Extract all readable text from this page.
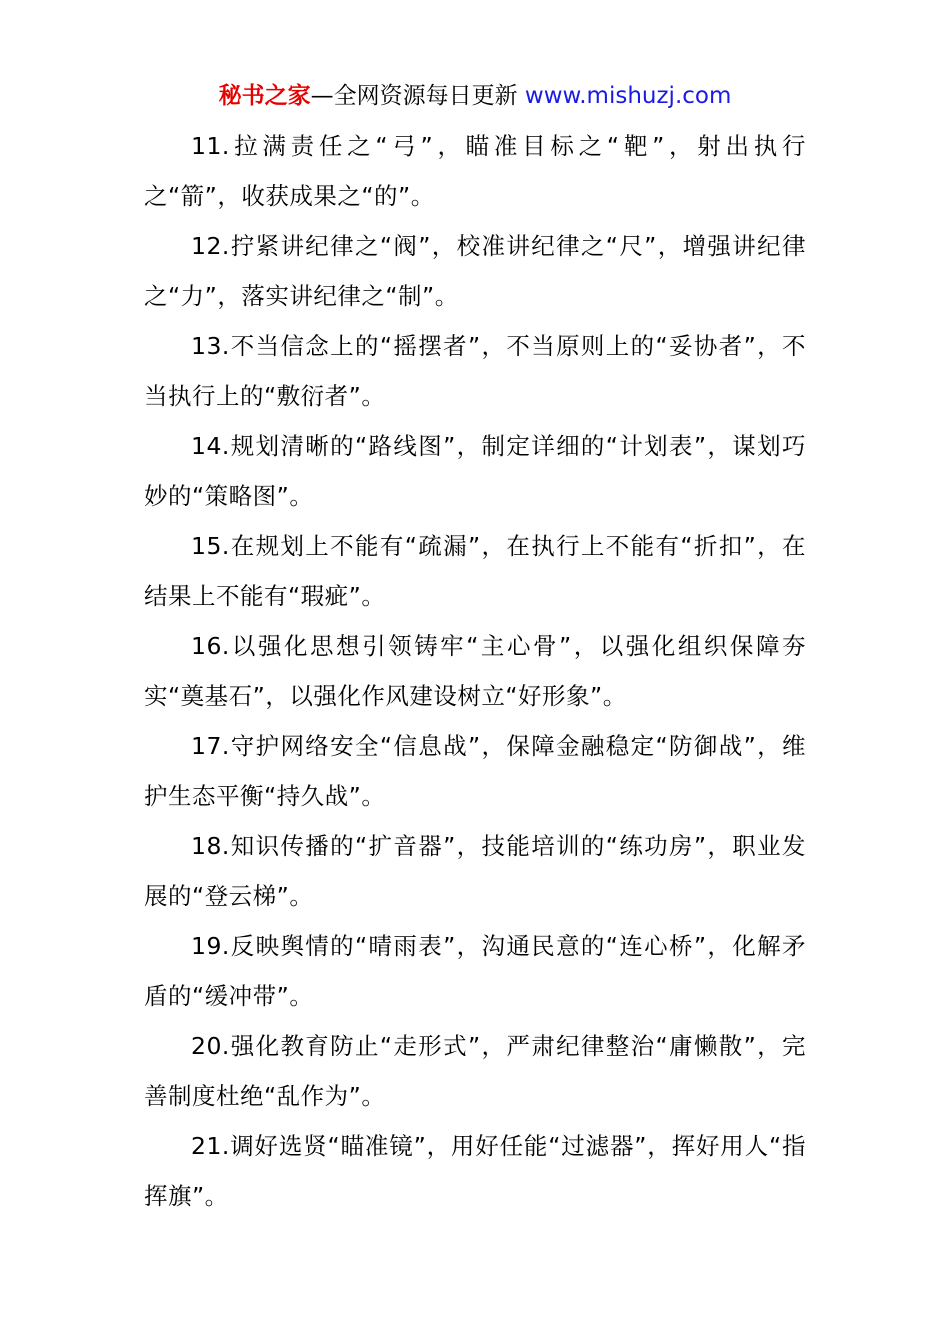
秘书之家—全网资源每日更新 www.mishuzj.com

11.拉满责任之“弓”，瞄准目标之“靶”，射出执行之“箭”，收获成果之“的”。

12.拧紧讲纪律之“阀”，校准讲纪律之“尺”，增强讲纪律之“力”，落实讲纪律之“制”。

13.不当信念上的“摇摆者”，不当原则上的“妥协者”，不当执行上的“敷衍者”。

14.规划清晰的“路线图”，制定详细的“计划表”，谋划巧妙的“策略图”。

15.在规划上不能有“疏漏”，在执行上不能有“折扣”，在结果上不能有“瑕疵”。

16.以强化思想引领铸牢“主心骨”，以强化组织保障夯实“奠基石”，以强化作风建设树立“好形象”。

17.守护网络安全“信息战”，保障金融稳定“防御战”，维护生态平衡“持久战”。

18.知识传播的“扩音器”，技能培训的“练功房”，职业发展的“登云梯”。

19.反映舆情的“晴雨表”，沟通民意的“连心桥”，化解矛盾的“缓冲带”。

20.强化教育防止“走形式”，严肃纪律整治“庸懒散”，完善制度杜绝“乱作为”。

21.调好选贤“瞄准镜”，用好任能“过滤器”，挥好用人“指挥旗”。
